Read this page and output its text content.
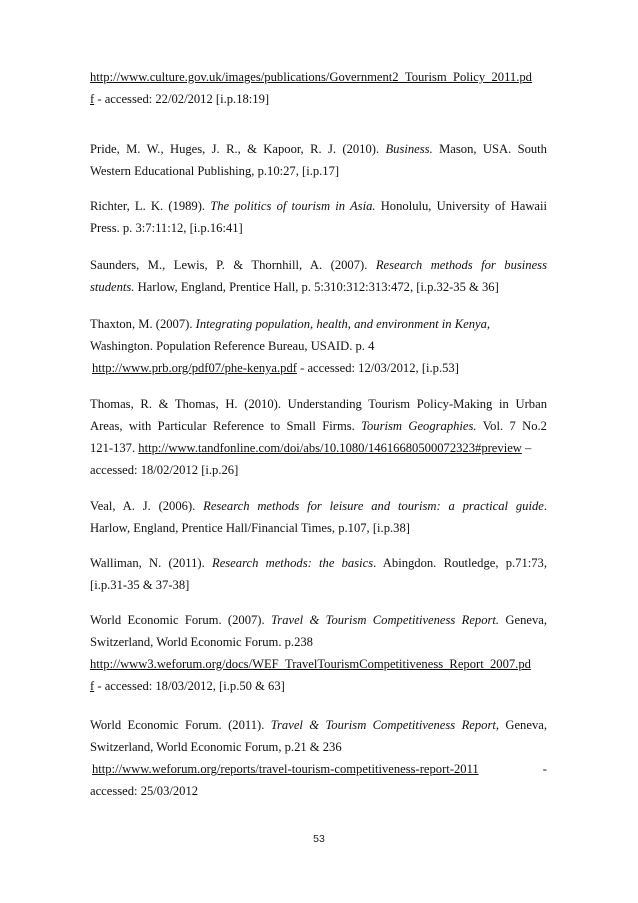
http://www.culture.gov.uk/images/publications/Government2_Tourism_Policy_2011.pd
f - accessed: 22/02/2012 [i.p.18:19]
Pride, M. W., Huges, J. R., & Kapoor, R. J. (2010). Business. Mason, USA. South
Western Educational Publishing, p.10:27, [i.p.17]
Richter, L. K. (1989). The politics of tourism in Asia. Honolulu, University of Hawaii
Press. p. 3:7:11:12, [i.p.16:41]
Saunders, M., Lewis, P. & Thornhill, A. (2007). Research methods for business
students. Harlow, England, Prentice Hall, p. 5:310:312:313:472, [i.p.32-35 & 36]
Thaxton, M. (2007). Integrating population, health, and environment in Kenya,
Washington. Population Reference Bureau, USAID. p. 4
http://www.prb.org/pdf07/phe-kenya.pdf - accessed: 12/03/2012, [i.p.53]
Thomas, R. & Thomas, H. (2010). Understanding Tourism Policy-Making in Urban
Areas, with Particular Reference to Small Firms. Tourism Geographies. Vol. 7 No.2
121-137. http://www.tandfonline.com/doi/abs/10.1080/14616680500072323#preview –
accessed: 18/02/2012 [i.p.26]
Veal, A. J. (2006). Research methods for leisure and tourism: a practical guide.
Harlow, England, Prentice Hall/Financial Times, p.107, [i.p.38]
Walliman, N. (2011). Research methods: the basics. Abingdon. Routledge, p.71:73,
[i.p.31-35 & 37-38]
World Economic Forum. (2007). Travel & Tourism Competitiveness Report. Geneva,
Switzerland, World Economic Forum. p.238
http://www3.weforum.org/docs/WEF_TravelTourismCompetitiveness_Report_2007.pd
f - accessed: 18/03/2012, [i.p.50 & 63]
World Economic Forum. (2011). Travel & Tourism Competitiveness Report, Geneva,
Switzerland, World Economic Forum, p.21 & 236
http://www.weforum.org/reports/travel-tourism-competitiveness-report-2011	-
accessed: 25/03/2012
53
